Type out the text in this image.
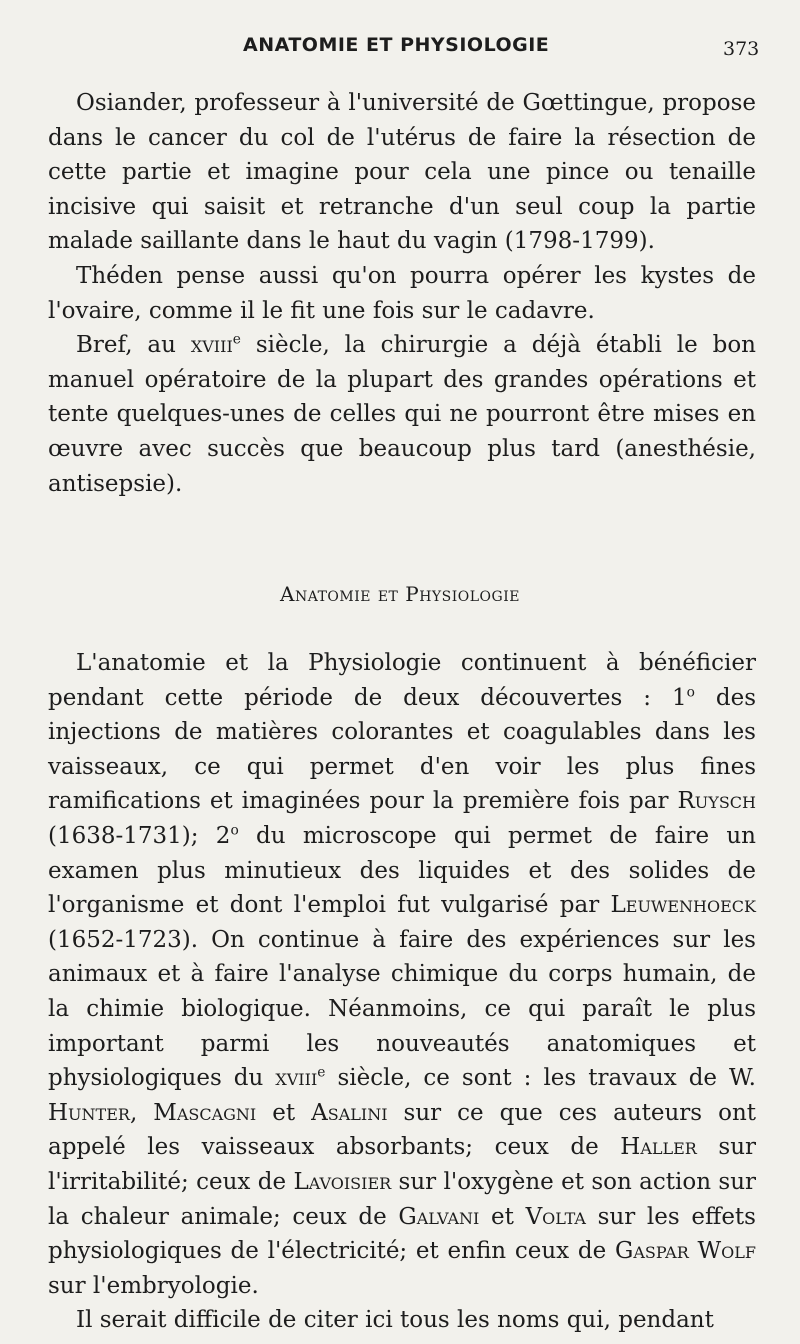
ANATOMIE ET PHYSIOLOGIE	373

Osiander, professeur à l'université de Gœttingue, propose dans le cancer du col de l'utérus de faire la résection de cette partie et imagine pour cela une pince ou tenaille incisive qui saisit et retranche d'un seul coup la partie malade saillante dans le haut du vagin (1798-1799).

Théden pense aussi qu'on pourra opérer les kystes de l'ovaire, comme il le fit une fois sur le cadavre.

Bref, au xviii$^e$ siècle, la chirurgie a déjà établi le bon manuel opératoire de la plupart des grandes opérations et tente quelques-unes de celles qui ne pourront être mises en œuvre avec succès que beaucoup plus tard (anesthésie, antisepsie).

Anatomie et Physiologie

L'anatomie et la Physiologie continuent à bénéficier pendant cette période de deux découvertes : 1$^o$ des injections de matières colorantes et coagulables dans les vaisseaux, ce qui permet d'en voir les plus fines ramifications et imaginées pour la première fois par Ruysch (1638-1731); 2$^o$ du microscope qui permet de faire un examen plus minutieux des liquides et des solides de l'organisme et dont l'emploi fut vulgarisé par Leuwenhoeck (1652-1723). On continue à faire des expériences sur les animaux et à faire l'analyse chimique du corps humain, de la chimie biologique. Néanmoins, ce qui paraît le plus important parmi les nouveautés anatomiques et physiologiques du xviii$^e$ siècle, ce sont : les travaux de W. Hunter, Mascagni et Asalini sur ce que ces auteurs ont appelé les vaisseaux absorbants; ceux de Haller sur l'irritabilité; ceux de Lavoisier sur l'oxygène et son action sur la chaleur animale; ceux de Galvani et Volta sur les effets physiologiques de l'électricité; et enfin ceux de Gaspar Wolf sur l'embryologie.

Il serait difficile de citer ici tous les noms qui, pendant
